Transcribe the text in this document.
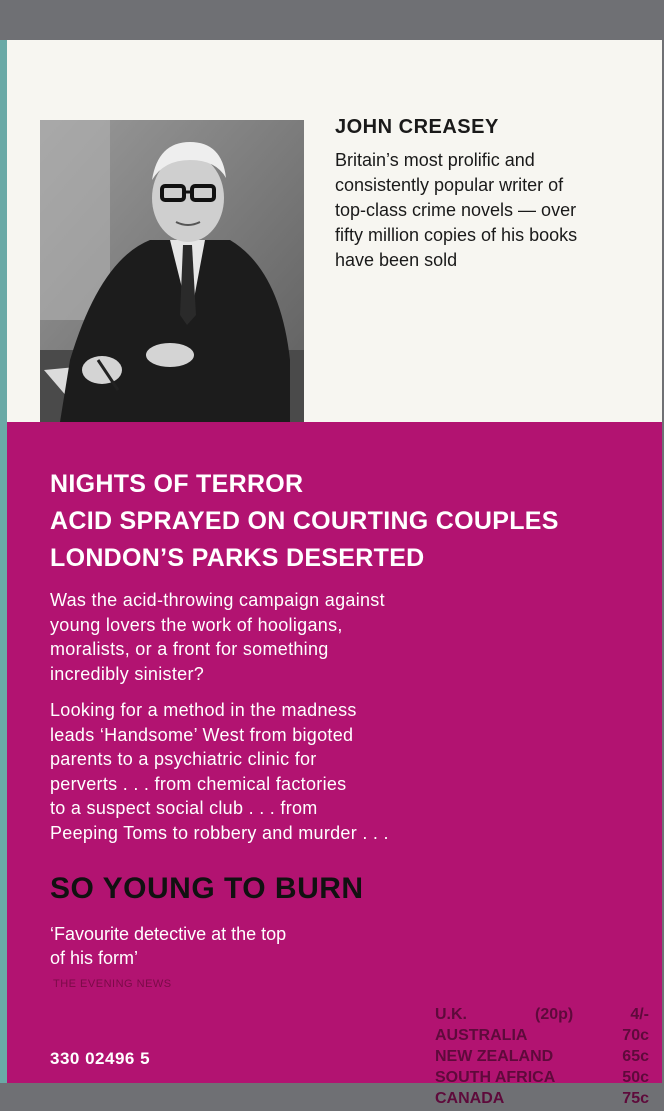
JOHN CREASEY
Britain’s most prolific and
consistently popular writer of
top-class crime novels — over
fifty million copies of his books
have been sold
NIGHTS OF TERROR
ACID SPRAYED ON COURTING COUPLES
LONDON’S PARKS DESERTED
Was the acid-throwing campaign against
young lovers the work of hooligans,
moralists, or a front for something
incredibly sinister?
Looking for a method in the madness
leads ‘Handsome’ West from bigoted
parents to a psychiatric clinic for
perverts . . . from chemical factories
to a suspect social club . . . from
Peeping Toms to robbery and murder . . .
SO YOUNG TO BURN
‘Favourite detective at the top
of his form’
THE EVENING NEWS
U.K.	(20p)	4/-
AUSTRALIA	70c
NEW ZEALAND	65c
SOUTH AFRICA	50c
CANADA	75c
330 02496 5
